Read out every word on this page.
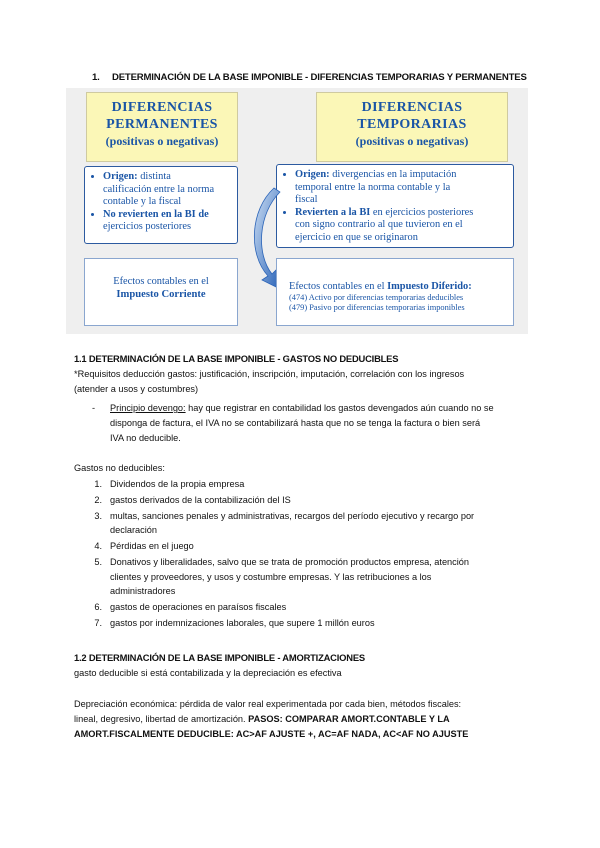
1. DETERMINACIÓN DE LA BASE IMPONIBLE - DIFERENCIAS TEMPORARIAS Y PERMANENTES
DIFERENCIAS
PERMANENTES
(positivas o negativas)
DIFERENCIAS
TEMPORARIAS
(positivas o negativas)
• Origen: distinta
calificación entre la norma
contable y la fiscal
• No revierten en la BI de
ejercicios posteriores
• Origen: divergencias en la imputación
temporal entre la norma contable y la
fiscal
• Revierten a la BI en ejercicios posteriores
con signo contrario al que tuvieron en el
ejercicio en que se originaron
Efectos contables en el
Impuesto Corriente
Efectos contables en el Impuesto Diferido:
(474) Activo por diferencias temporarias deducibles
(479) Pasivo por diferencias temporarias imponibles
1.1 DETERMINACIÓN DE LA BASE IMPONIBLE - GASTOS NO DEDUCIBLES
*Requisitos deducción gastos: justificación, inscripción, imputación, correlación con los ingresos
(atender a usos y costumbres)
- Principio devengo: hay que registrar en contabilidad los gastos devengados aún cuando no se
disponga de factura, el IVA no se contabilizará hasta que no se tenga la factura o bien será
IVA no deducible.
Gastos no deducibles:
1. Dividendos de la propia empresa
2. gastos derivados de la contabilización del IS
3. multas, sanciones penales y administrativas, recargos del período ejecutivo y recargo por
declaración
4. Pérdidas en el juego
5. Donativos y liberalidades, salvo que se trata de promoción productos empresa, atención
clientes y proveedores, y usos y costumbre empresas. Y las retribuciones a los
administradores
6. gastos de operaciones en paraísos fiscales
7. gastos por indemnizaciones laborales, que supere 1 millón euros
1.2 DETERMINACIÓN DE LA BASE IMPONIBLE - AMORTIZACIONES
gasto deducible si está contabilizada y la depreciación es efectiva
Depreciación económica: pérdida de valor real experimentada por cada bien, métodos fiscales:
lineal, degresivo, libertad de amortización. PASOS: COMPARAR AMORT.CONTABLE Y LA
AMORT.FISCALMENTE DEDUCIBLE: AC>AF AJUSTE +, AC=AF NADA, AC<AF NO AJUSTE
